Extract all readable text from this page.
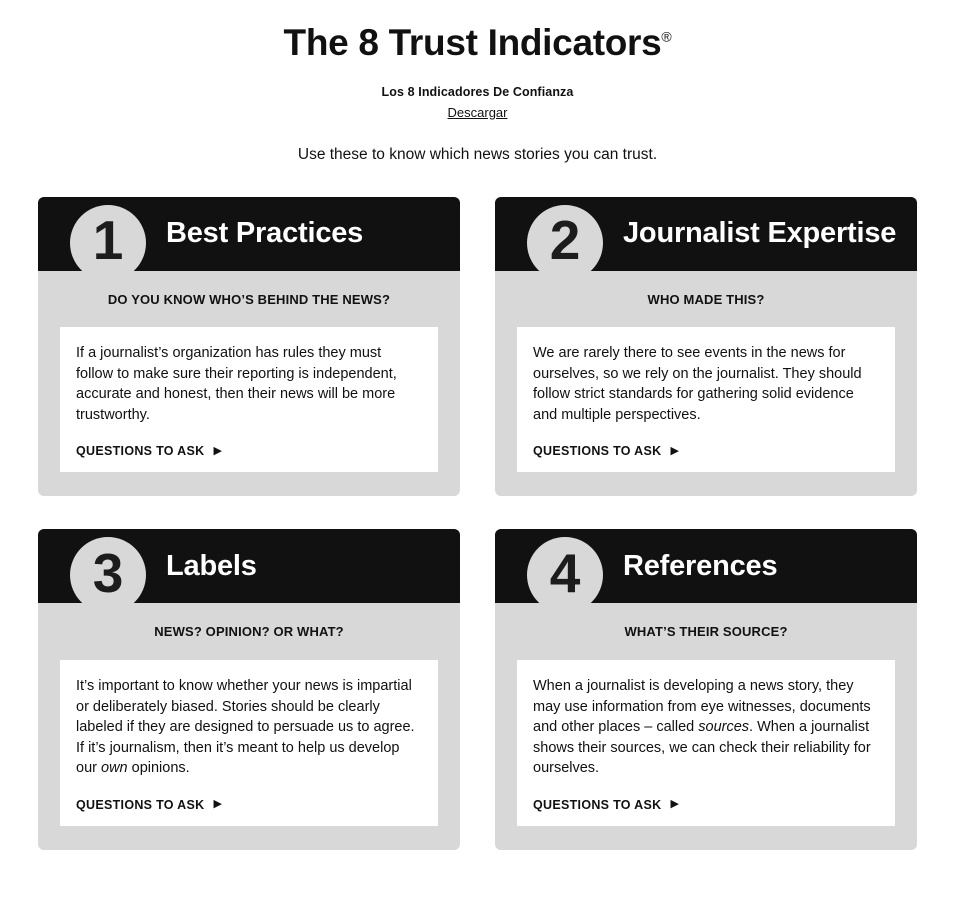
The 8 Trust Indicators®
Los 8 Indicadores De Confianza
Descargar
Use these to know which news stories you can trust.
1 Best Practices
DO YOU KNOW WHO’S BEHIND THE NEWS?
If a journalist’s organization has rules they must follow to make sure their reporting is independent, accurate and honest, then their news will be more trustworthy.
QUESTIONS TO ASK ▶
2 Journalist Expertise
WHO MADE THIS?
We are rarely there to see events in the news for ourselves, so we rely on the journalist. They should follow strict standards for gathering solid evidence and multiple perspectives.
QUESTIONS TO ASK ▶
3 Labels
NEWS? OPINION? OR WHAT?
It’s important to know whether your news is impartial or deliberately biased. Stories should be clearly labeled if they are designed to persuade us to agree. If it’s journalism, then it’s meant to help us develop our own opinions.
QUESTIONS TO ASK ▶
4 References
WHAT’S THEIR SOURCE?
When a journalist is developing a news story, they may use information from eye witnesses, documents and other places – called sources. When a journalist shows their sources, we can check their reliability for ourselves.
QUESTIONS TO ASK ▶
